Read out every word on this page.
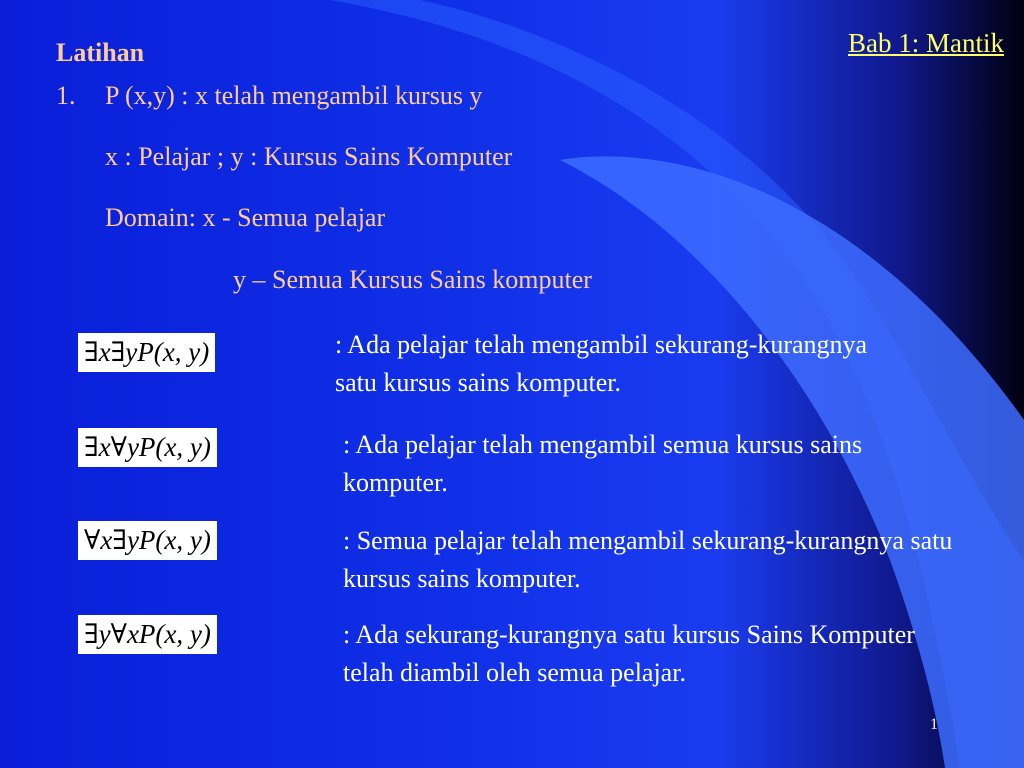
Bab 1: Mantik
Latihan
1. P (x,y) : x telah mengambil kursus y
x : Pelajar ; y : Kursus Sains Komputer
Domain: x - Semua pelajar
y – Semua Kursus Sains komputer
∃x∃yP(x, y)	: Ada pelajar telah mengambil sekurang-kurangnya satu kursus sains komputer.
∃x∀yP(x, y)	: Ada pelajar telah mengambil semua kursus sains komputer.
∀x∃yP(x, y)	: Semua pelajar telah mengambil sekurang-kurangnya satu kursus sains komputer.
∃y∀xP(x, y)	: Ada sekurang-kurangnya satu kursus Sains Komputer telah diambil oleh semua pelajar.
1
